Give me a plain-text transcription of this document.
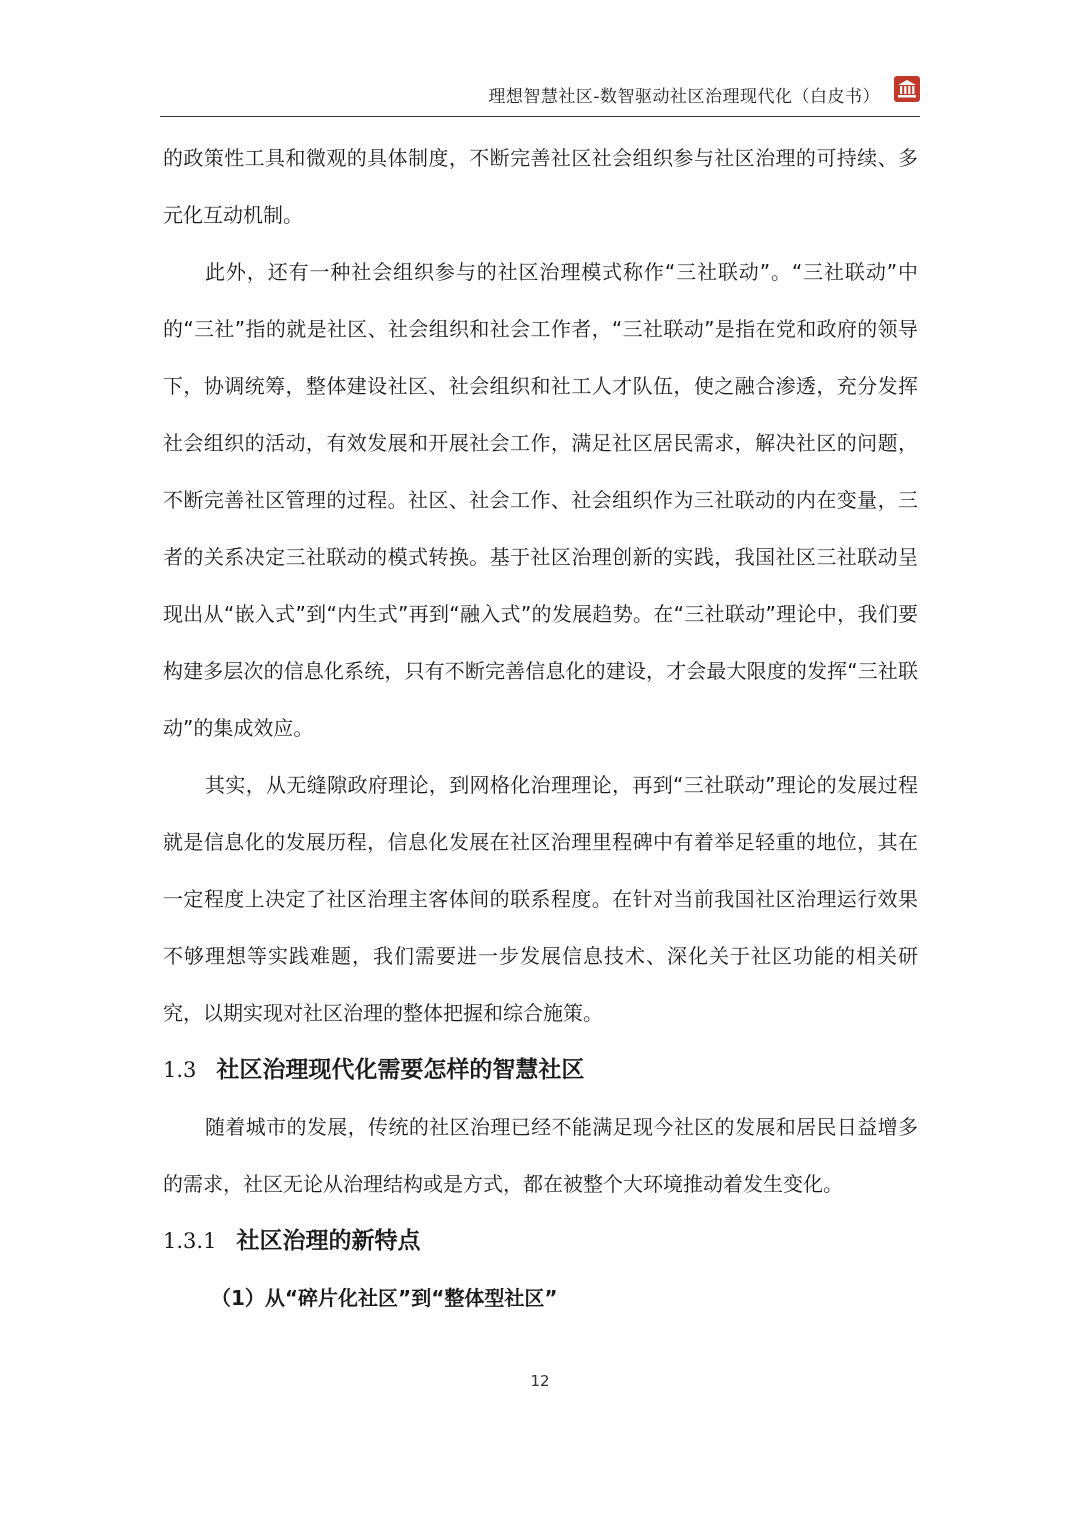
理想智慧社区-数智驱动社区治理现代化（白皮书）

的政策性工具和微观的具体制度，不断完善社区社会组织参与社区治理的可持续、多元化互动机制。

此外，还有一种社会组织参与的社区治理模式称作“三社联动”。“三社联动”中的“三社”指的就是社区、社会组织和社会工作者，“三社联动”是指在党和政府的领导下，协调统筹，整体建设社区、社会组织和社工人才队伍，使之融合渗透，充分发挥社会组织的活动，有效发展和开展社会工作，满足社区居民需求，解决社区的问题，不断完善社区管理的过程。社区、社会工作、社会组织作为三社联动的内在变量，三者的关系决定三社联动的模式转换。基于社区治理创新的实践，我国社区三社联动呈现出从“嵌入式”到“内生式”再到“融入式”的发展趋势。在“三社联动”理论中，我们要构建多层次的信息化系统，只有不断完善信息化的建设，才会最大限度的发挥“三社联动”的集成效应。

其实，从无缝隙政府理论，到网格化治理理论，再到“三社联动”理论的发展过程就是信息化的发展历程，信息化发展在社区治理里程碑中有着举足轻重的地位，其在一定程度上决定了社区治理主客体间的联系程度。在针对当前我国社区治理运行效果不够理想等实践难题，我们需要进一步发展信息技术、深化关于社区功能的相关研究，以期实现对社区治理的整体把握和综合施策。

1.3 社区治理现代化需要怎样的智慧社区

随着城市的发展，传统的社区治理已经不能满足现今社区的发展和居民日益增多的需求，社区无论从治理结构或是方式，都在被整个大环境推动着发生变化。

1.3.1 社区治理的新特点

（1）从“碎片化社区”到“整体型社区”

12
